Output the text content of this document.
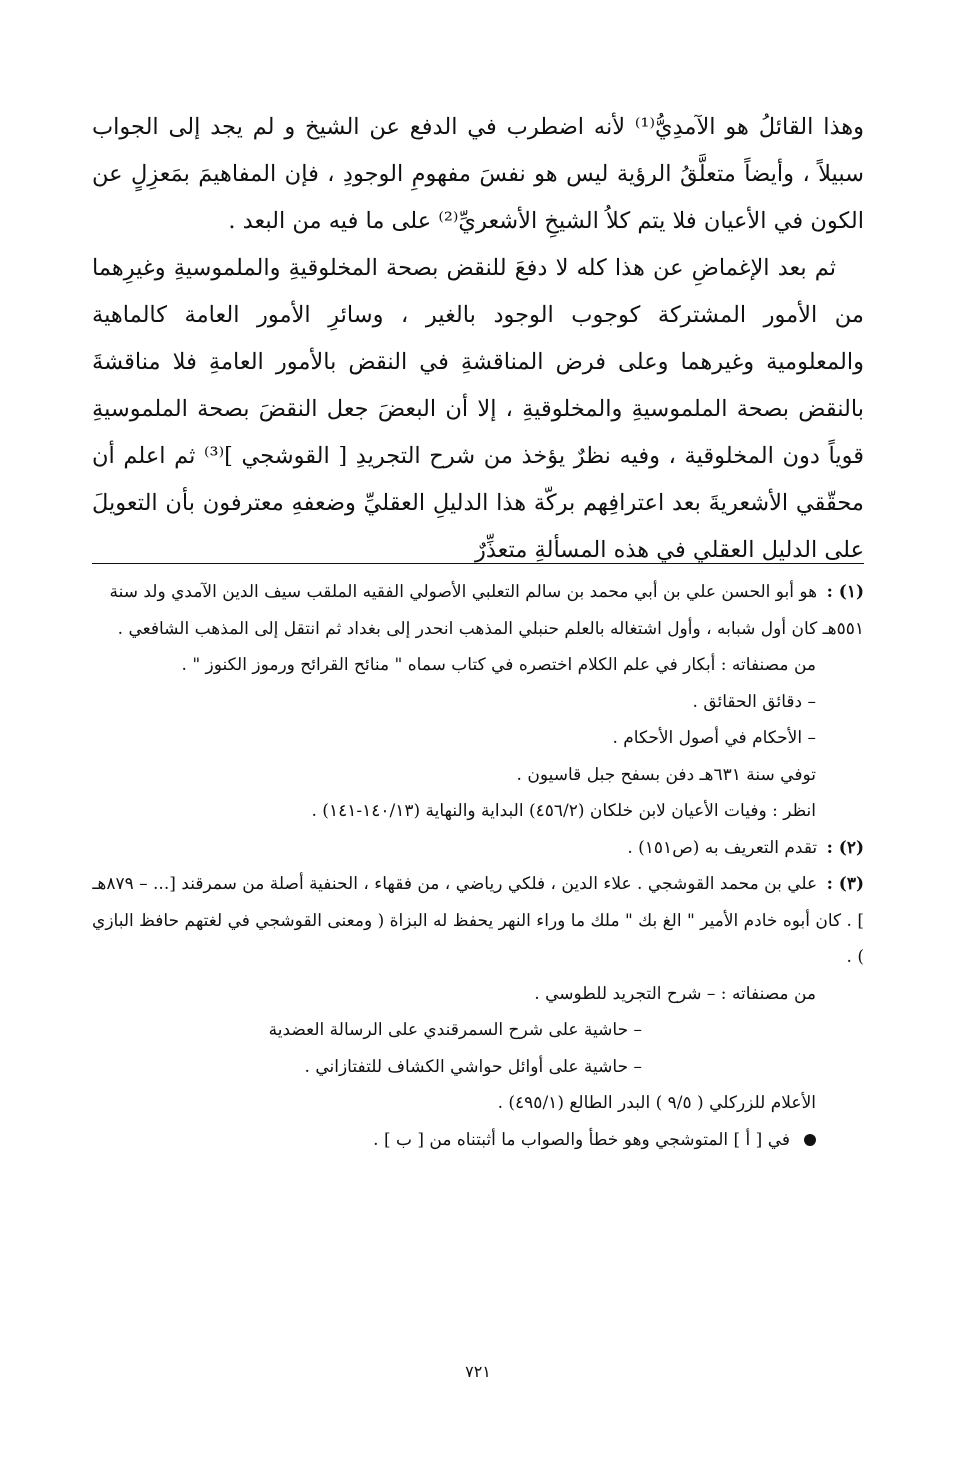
وهذا القائلُ هو الآمدِيُّ⁽¹⁾ لأنه اضطرب في الدفع عن الشيخ و لم يجد إلى الجواب سبيلاً ، وأيضاً متعلَّقُ الرؤية ليس هو نفسَ مفهومِ الوجودِ ، فإن المفاهيمَ بمَعزِلٍ عن الكون في الأعيان فلا يتم كلاُ الشيخِ الأشعريِّ⁽²⁾ على ما فيه من البعد .

ثم بعد الإغماضِ عن هذا كله لا دفعَ للنقض بصحة المخلوقيةِ والملموسيةِ وغيرِهما من الأمور المشتركة كوجوب الوجود بالغير ، وسائرِ الأمور العامة كالماهية والمعلومية وغيرهما وعلى فرض المناقشةِ في النقض بالأمور العامةِ فلا مناقشةَ بالنقض بصحة الملموسيةِ والمخلوقيةِ ، إلا أن البعضَ جعل النقضَ بصحة الملموسيةِ قوياً دون المخلوقية ، وفيه نظرٌ يؤخذ من شرح التجريدِ [ القوشجي ]⁽³⁾ ثم اعلم أن محقّقي الأشعريةَ بعد اعترافِهم بركّة هذا الدليلِ العقليِّ وضعفهِ معترفون بأن التعويلَ على الدليل العقلي في هذه المسألةِ متعذِّرٌ

(١) : هو أبو الحسن علي بن أبي محمد بن سالم التعلبي الأصولي الفقيه الملقب سيف الدين الآمدي ولد سنة ٥٥١هـ كان أول شبابه ، وأول اشتغاله بالعلم حنبلي المذهب انحدر إلى بغداد ثم انتقل إلى المذهب الشافعي .

من مصنفاته : أبكار في علم الكلام اختصره في كتاب سماه " منائح القرائح ورموز الكنوز " .

– دقائق الحقائق .

– الأحكام في أصول الأحكام .

توفي سنة ٦٣١هـ دفن بسفح جبل قاسيون .

انظر : وفيات الأعيان لابن خلكان (٤٥٦/٢) البداية والنهاية (١٤٠/١٣-١٤١) .

(٢) : تقدم التعريف به (ص١٥١) .

(٣) : علي بن محمد القوشجي . علاء الدين ، فلكي رياضي ، من فقهاء ، الحنفية أصلة من سمرقند [... – ٨٧٩هـ ] . كان أبوه خادم الأمير " الغ بك " ملك ما وراء النهر يحفظ له البزاة ( ومعنى القوشجي في لغتهم حافظ البازي ) .

من مصنفاته : – شرح التجريد للطوسي .

– حاشية على شرح السمرقندي على الرسالة العضدية

– حاشية على أوائل حواشي الكشاف للتفتازاني .

الأعلام للزركلي ( ٩/٥ ) البدر الطالع (٤٩٥/١) .

في [ أ ] المتوشجي وهو خطأ والصواب ما أثبتناه من [ ب ] .

٧٢١
